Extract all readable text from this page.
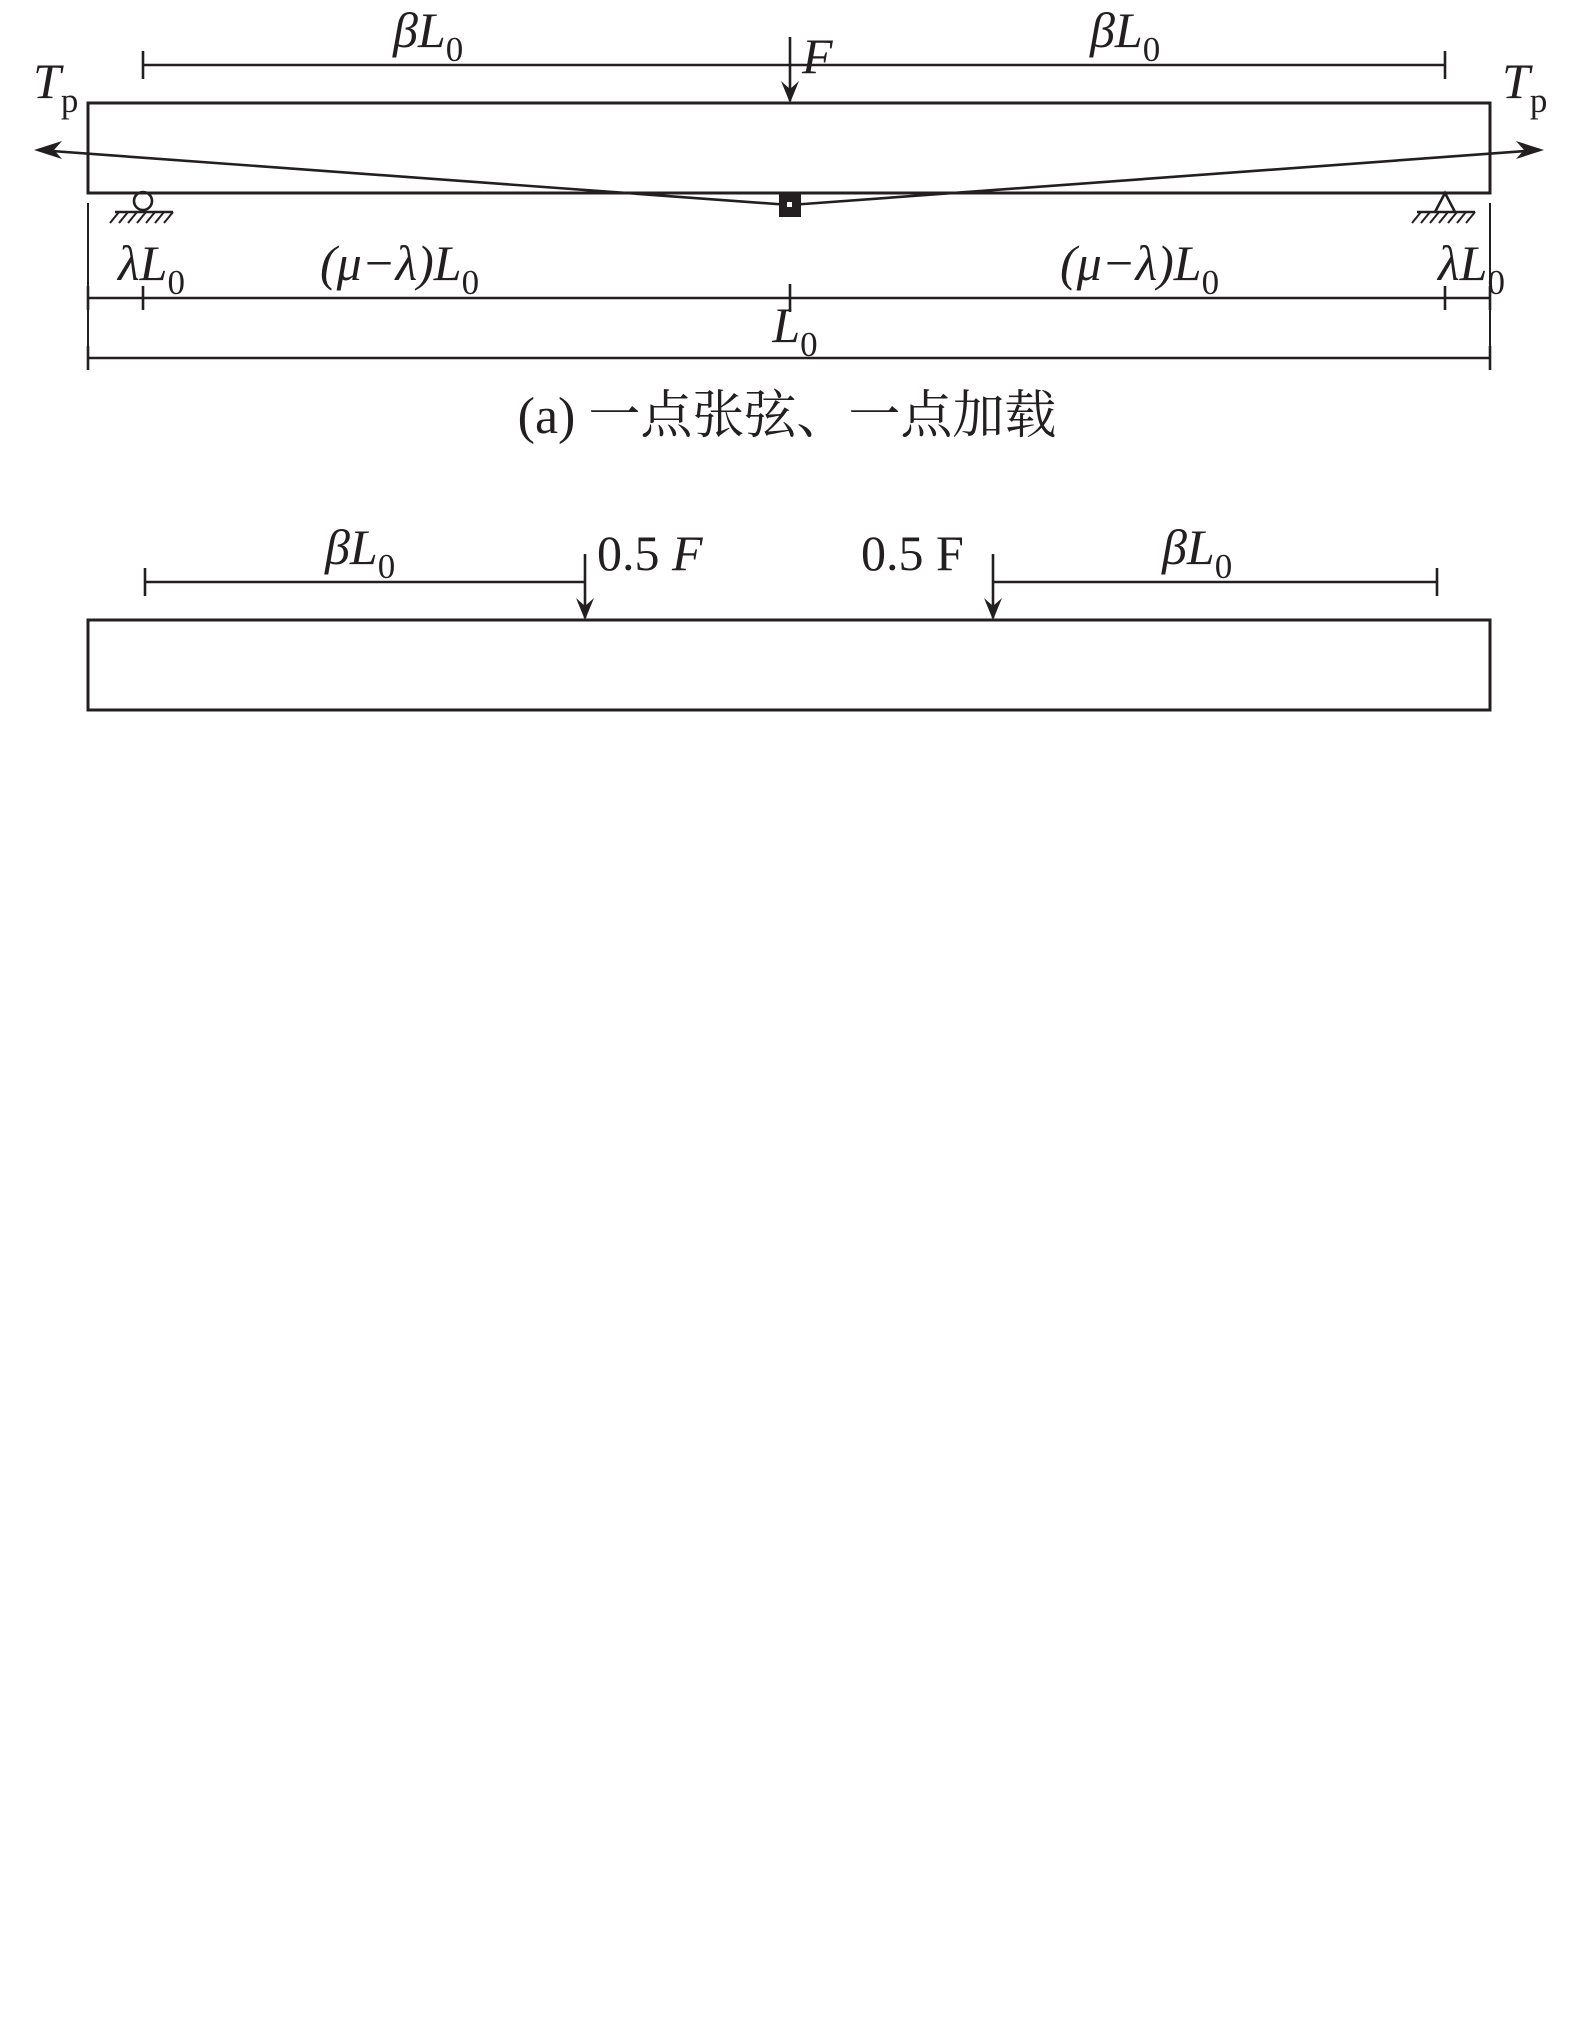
F
$\beta L_0$	$\beta L_0$
$T_p$	$T_p$
$\lambda L_0$	$\lambda L_0$
$(\mu-\lambda)L_0$	$(\mu-\lambda)L_0$
$L_0$
(a) 一点张弦、一点加载
0.5 F	0.5 F
$\beta L_0$	$\beta L_0$
